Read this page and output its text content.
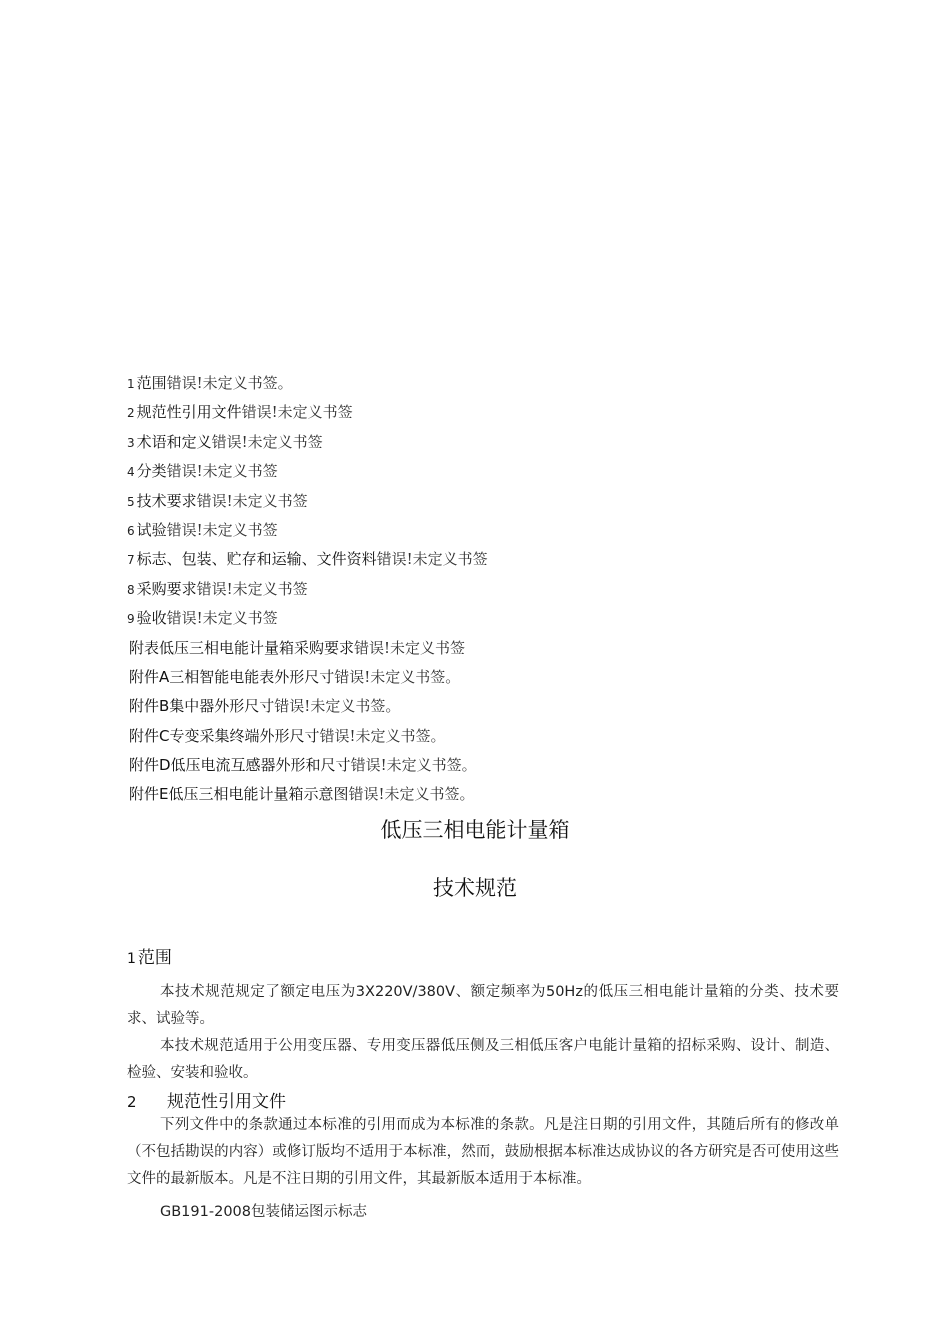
1 范围错误!未定义书签。
2 规范性引用文件错误!未定义书签
3 术语和定义错误!未定义书签
4 分类错误!未定义书签
5 技术要求错误!未定义书签
6 试验错误!未定义书签
7 标志、包装、贮存和运输、文件资料错误!未定义书签
8 采购要求错误!未定义书签
9 验收错误!未定义书签
附表低压三相电能计量箱采购要求错误!未定义书签
附件A三相智能电能表外形尺寸错误!未定义书签。
附件B集中器外形尺寸错误!未定义书签。
附件C专变采集终端外形尺寸错误!未定义书签。
附件D低压电流互感器外形和尺寸错误!未定义书签。
附件E低压三相电能计量箱示意图错误!未定义书签。
低压三相电能计量箱
技术规范
1 范围
本技术规范规定了额定电压为3X220V/380V、额定频率为50Hz的低压三相电能计量箱的分类、技术要求、试验等。
本技术规范适用于公用变压器、专用变压器低压侧及三相低压客户电能计量箱的招标采购、设计、制造、检验、安装和验收。
2 规范性引用文件
下列文件中的条款通过本标准的引用而成为本标准的条款。凡是注日期的引用文件，其随后所有的修改单（不包括勘误的内容）或修订版均不适用于本标准，然而，鼓励根据本标准达成协议的各方研究是否可使用这些文件的最新版本。凡是不注日期的引用文件，其最新版本适用于本标准。
GB191-2008包装储运图示标志
